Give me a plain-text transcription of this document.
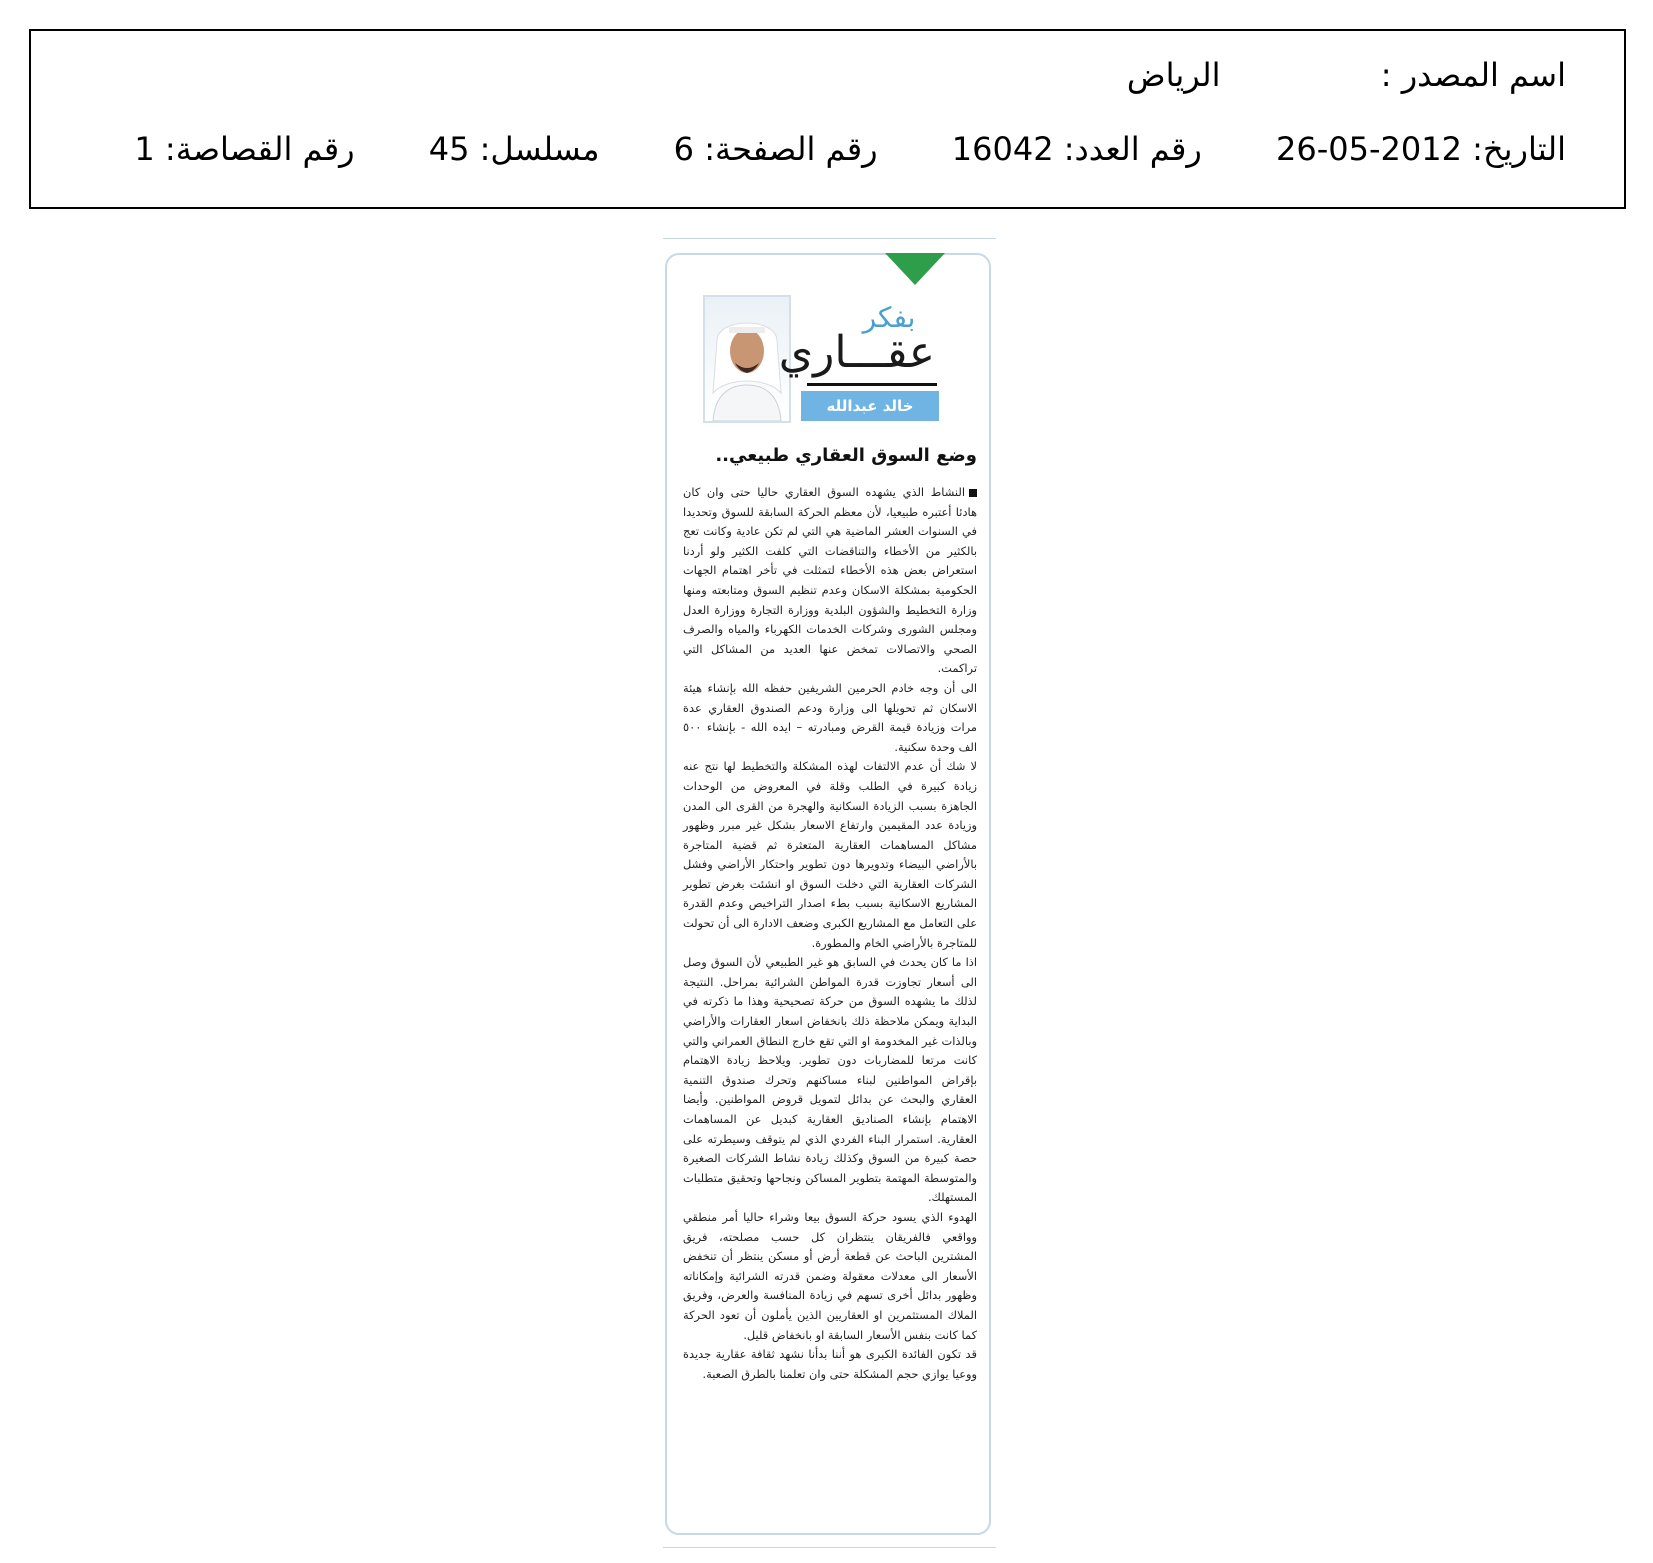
اسم المصدر : الرياض
التاريخ: 2012-05-26 رقم العدد: 16042 رقم الصفحة: 6 مسلسل: 45 رقم القصاصة: 1
بفكر
عقـــاري
خالد عبدالله الجارالله
وضع السوق العقاري طبيعي..

النشاط الذي يشهده السوق العقاري حاليا حتى وان كان هادئا أعتبره طبيعيا، لأن معظم الحركة السابقة للسوق وتحديدا في السنوات العشر الماضية هي التي لم تكن عادية وكانت تعج بالكثير من الأخطاء والتناقضات التي كلفت الكثير ولو أردنا استعراض بعض هذه الأخطاء لتمثلت في تأخر اهتمام الجهات الحكومية بمشكلة الاسكان وعدم تنظيم السوق ومتابعته ومنها وزارة التخطيط والشؤون البلدية ووزارة التجارة ووزارة العدل ومجلس الشورى وشركات الخدمات الكهرباء والمياه والصرف الصحي والاتصالات تمخض عنها العديد من المشاكل التي تراكمت.

الى أن وجه خادم الحرمين الشريفين حفظه الله بإنشاء هيئة الاسكان ثم تحويلها الى وزارة ودعم الصندوق العقاري عدة مرات وزيادة قيمة القرض ومبادرته – ايده الله - بإنشاء ٥٠٠ الف وحدة سكنية.

لا شك أن عدم الالتفات لهذه المشكلة والتخطيط لها نتج عنه زيادة كبيرة في الطلب وقلة في المعروض من الوحدات الجاهزة بسبب الزيادة السكانية والهجرة من القرى الى المدن وزيادة عدد المقيمين وارتفاع الاسعار بشكل غير مبرر وظهور مشاكل المساهمات العقارية المتعثرة ثم قضية المتاجرة بالأراضي البيضاء وتدويرها دون تطوير واحتكار الأراضي وفشل الشركات العقارية التي دخلت السوق او انشئت بغرض تطوير المشاريع الاسكانية بسبب بطء اصدار التراخيص وعدم القدرة على التعامل مع المشاريع الكبرى وضعف الادارة الى أن تحولت للمتاجرة بالأراضي الخام والمطورة.

اذا ما كان يحدث في السابق هو غير الطبيعي لأن السوق وصل الى أسعار تجاوزت قدرة المواطن الشرائية بمراحل. النتيجة لذلك ما يشهده السوق من حركة تصحيحية وهذا ما ذكرته في البداية ويمكن ملاحظة ذلك بانخفاض اسعار العقارات والأراضي وبالذات غير المخدومة او التي تقع خارج النطاق العمراني والتي كانت مرتعا للمضاربات دون تطوير. ويلاحظ زيادة الاهتمام بإقراض المواطنين لبناء مساكنهم وتحرك صندوق التنمية العقاري والبحث عن بدائل لتمويل قروض المواطنين. وأيضا الاهتمام بإنشاء الصناديق العقارية كبديل عن المساهمات العقارية. استمرار البناء الفردي الذي لم يتوقف وسيطرته على حصة كبيرة من السوق وكذلك زيادة نشاط الشركات الصغيرة والمتوسطة المهتمة بتطوير المساكن ونجاحها وتحقيق متطلبات المستهلك.

الهدوء الذي يسود حركة السوق بيعا وشراء حاليا أمر منطقي وواقعي فالفريقان ينتظران كل حسب مصلحته، فريق المشترين الباحث عن قطعة أرض أو مسكن ينتظر أن تنخفض الأسعار الى معدلات معقولة وضمن قدرته الشرائية وإمكاناته وظهور بدائل أخرى تسهم في زيادة المنافسة والعرض، وفريق الملاك المستثمرين او العقاريين الذين يأملون أن تعود الحركة كما كانت بنفس الأسعار السابقة او بانخفاض قليل.

قد تكون الفائدة الكبرى هو أننا بدأنا نشهد ثقافة عقارية جديدة ووعيا يوازي حجم المشكلة حتى وان تعلمنا بالطرق الصعبة.
